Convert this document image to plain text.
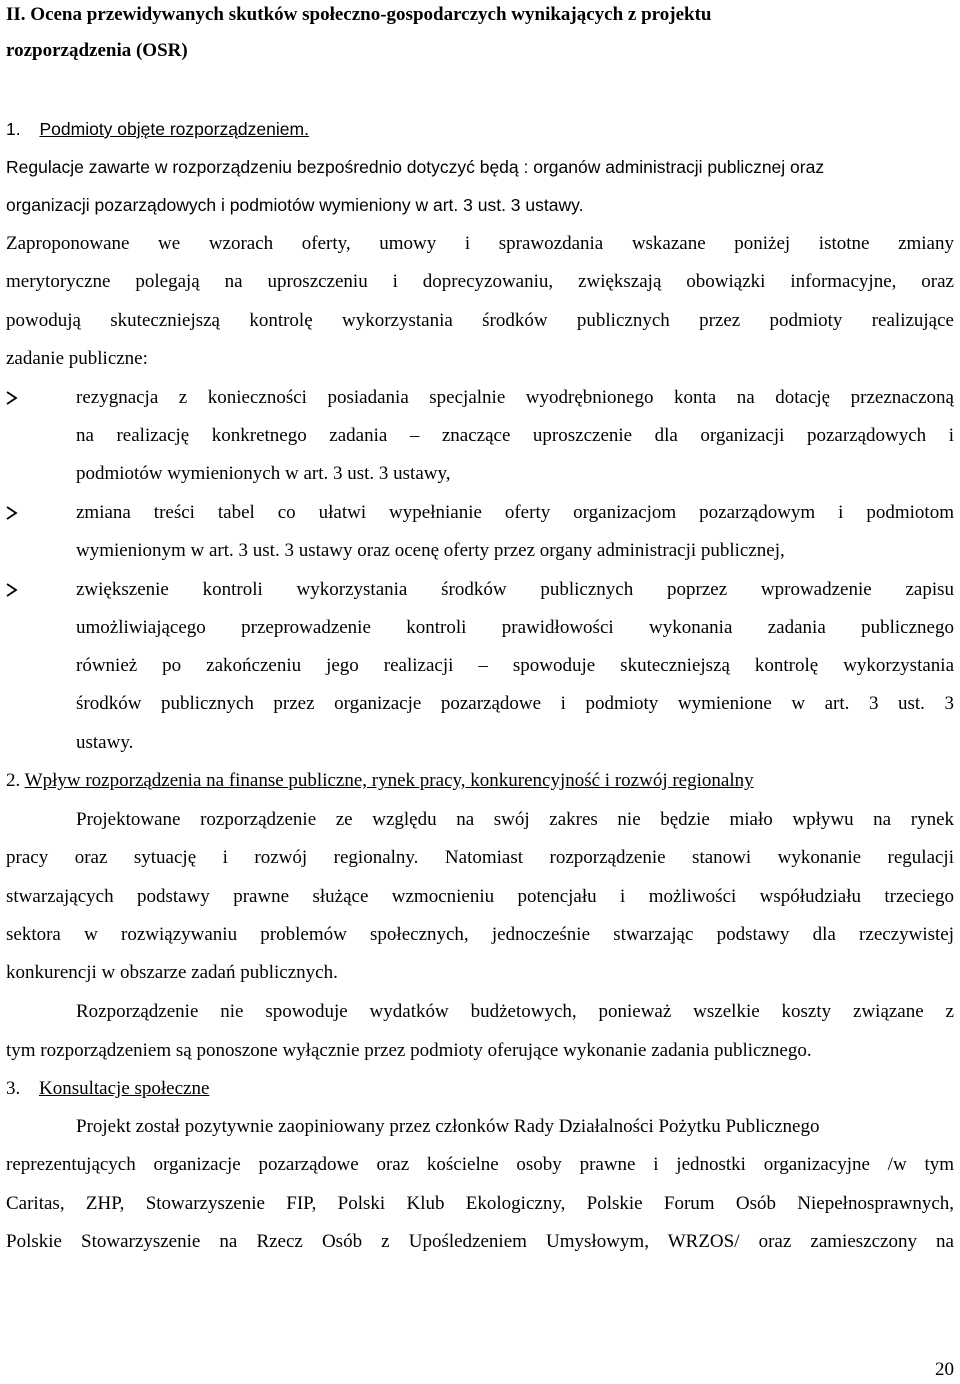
II. Ocena przewidywanych skutków społeczno-gospodarczych wynikających z projektu
rozporządzenia (OSR)
1. Podmioty objęte rozporządzeniem.
Regulacje zawarte w rozporządzeniu bezpośrednio dotyczyć będą : organów administracji publicznej oraz
organizacji pozarządowych i podmiotów wymieniony w art. 3 ust. 3 ustawy.
Zaproponowane we wzorach oferty, umowy i sprawozdania wskazane poniżej istotne zmiany
merytoryczne polegają na uproszczeniu i doprecyzowaniu, zwiększają obowiązki informacyjne, oraz
powodują skuteczniejszą kontrolę wykorzystania środków publicznych przez podmioty realizujące
zadanie publiczne:
rezygnacja z konieczności posiadania specjalnie wyodrębnionego konta na dotację przeznaczoną
na realizację konkretnego zadania – znaczące uproszczenie dla organizacji pozarządowych i
podmiotów wymienionych w art. 3 ust. 3 ustawy,
zmiana treści tabel co ułatwi wypełnianie oferty organizacjom pozarządowym i podmiotom
wymienionym w art. 3 ust. 3 ustawy oraz ocenę oferty przez organy administracji publicznej,
zwiększenie kontroli wykorzystania środków publicznych poprzez wprowadzenie zapisu
umożliwiającego przeprowadzenie kontroli prawidłowości wykonania zadania publicznego
również po zakończeniu jego realizacji – spowoduje skuteczniejszą kontrolę wykorzystania
środków publicznych przez organizacje pozarządowe i podmioty wymienione w art. 3 ust. 3
ustawy.
2. Wpływ rozporządzenia na finanse publiczne, rynek pracy, konkurencyjność i rozwój regionalny
Projektowane rozporządzenie ze względu na swój zakres nie będzie miało wpływu na rynek
pracy oraz sytuację i rozwój regionalny. Natomiast rozporządzenie stanowi wykonanie regulacji
stwarzających podstawy prawne służące wzmocnieniu potencjału i możliwości współudziału trzeciego
sektora w rozwiązywaniu problemów społecznych, jednocześnie stwarzając podstawy dla rzeczywistej
konkurencji w obszarze zadań publicznych.
Rozporządzenie nie spowoduje wydatków budżetowych, ponieważ wszelkie koszty związane z
tym rozporządzeniem są ponoszone wyłącznie przez podmioty oferujące wykonanie zadania publicznego.
3. Konsultacje społeczne
Projekt został pozytywnie zaopiniowany przez członków Rady Działalności Pożytku Publicznego
reprezentujących organizacje pozarządowe oraz kościelne osoby prawne i jednostki organizacyjne /w tym
Caritas, ZHP, Stowarzyszenie FIP, Polski Klub Ekologiczny, Polskie Forum Osób Niepełnosprawnych,
Polskie Stowarzyszenie na Rzecz Osób z Upośledzeniem Umysłowym, WRZOS/ oraz zamieszczony na
20
